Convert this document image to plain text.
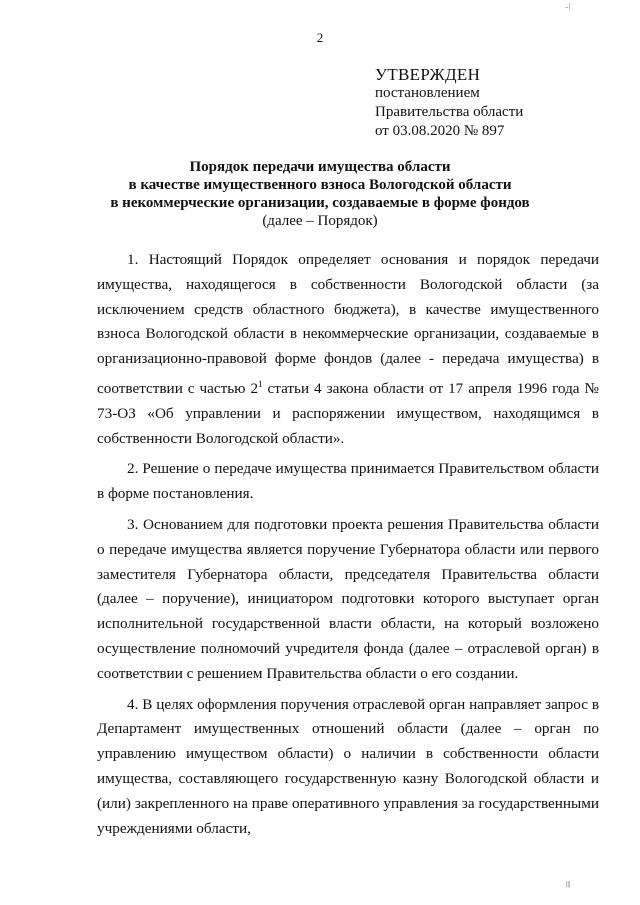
..|
2
УТВЕРЖДЕН
постановлением
Правительства области
от 03.08.2020 № 897
Порядок передачи имущества области
в качестве имущественного взноса Вологодской области
в некоммерческие организации, создаваемые в форме фондов
(далее – Порядок)

1. Настоящий Порядок определяет основания и порядок передачи имущества, находящегося в собственности Вологодской области (за исключением средств областного бюджета), в качестве имущественного взноса Вологодской области в некоммерческие организации, создаваемые в организационно-правовой форме фондов (далее - передача имущества) в соответствии с частью $2^1$ статьи 4 закона области от 17 апреля 1996 года № 73-ОЗ «Об управлении и распоряжении имуществом, находящимся в собственности Вологодской области».

2. Решение о передаче имущества принимается Правительством области в форме постановления.

3. Основанием для подготовки проекта решения Правительства области о передаче имущества является поручение Губернатора области или первого заместителя Губернатора области, председателя Правительства области (далее – поручение), инициатором подготовки которого выступает орган исполнительной государственной власти области, на который возложено осуществление полномочий учредителя фонда (далее – отраслевой орган) в соответствии с решением Правительства области о его создании.

4. В целях оформления поручения отраслевой орган направляет запрос в Департамент имущественных отношений области (далее – орган по управлению имуществом области) о наличии в собственности области имущества, составляющего государственную казну Вологодской области и (или) закрепленного на праве оперативного управления за государственными учреждениями области,

|||
